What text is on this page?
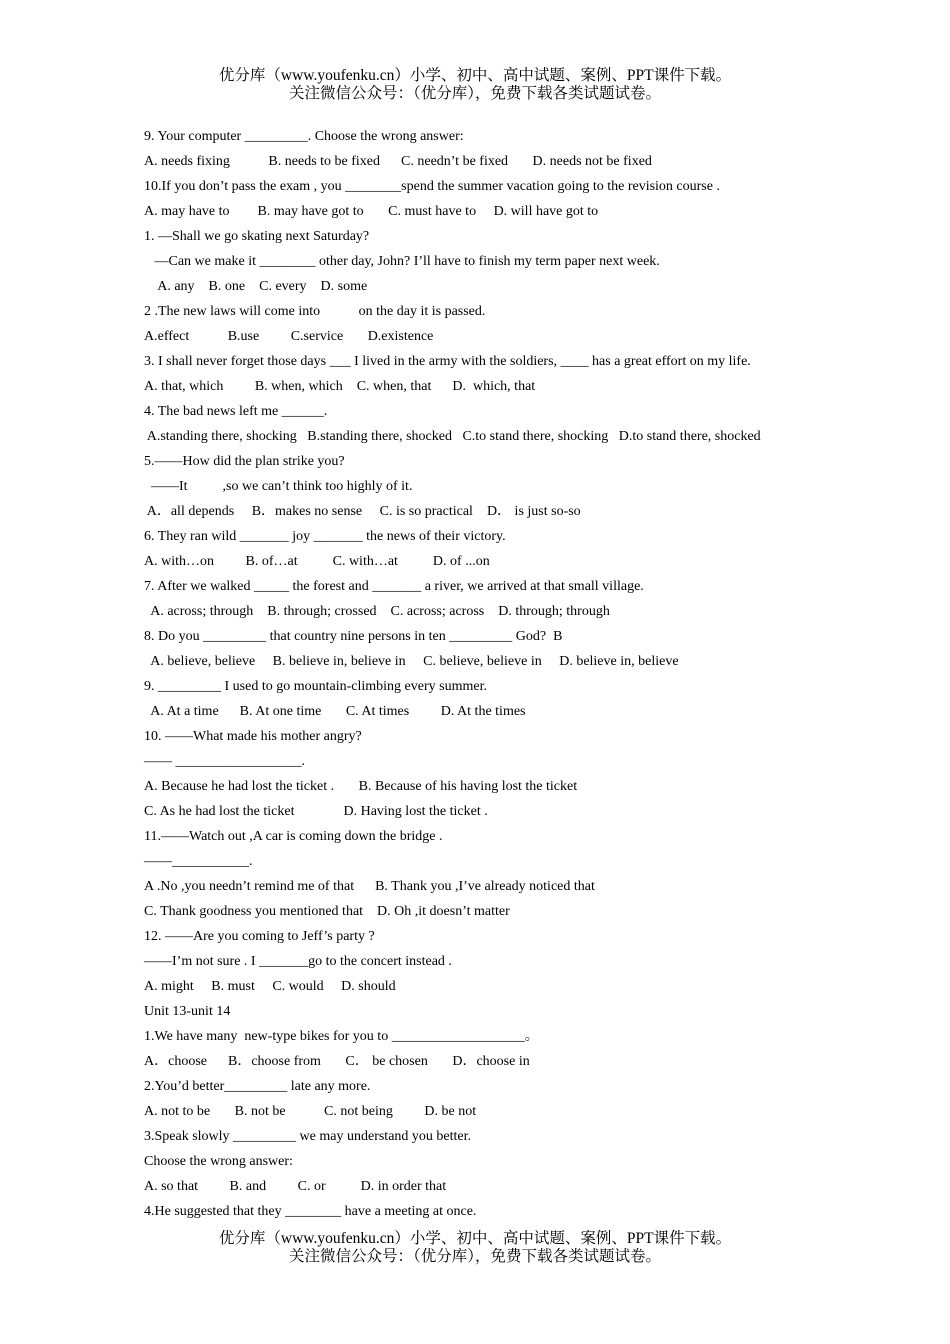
优分库（www.youfenku.cn）小学、初中、高中试题、案例、PPT课件下载。
关注微信公众号：（优分库），免费下载各类试题试卷。
9. Your computer _________. Choose the wrong answer:
A. needs fixing           B. needs to be fixed      C. needn’t be fixed       D. needs not be fixed
10.If you don’t pass the exam , you ________spend the summer vacation going to the revision course .
A. may have to        B. may have got to       C. must have to     D. will have got to
1. —Shall we go skating next Saturday?
—Can we make it ________ other day, John? I’ll have to finish my term paper next week.
A. any    B. one    C. every    D. some
2 .The new laws will come into           on the day it is passed.
A.effect           B.use         C.service       D.existence
3. I shall never forget those days ___ I lived in the army with the soldiers, ____ has a great effort on my life.
A. that, which         B. when, which    C. when, that      D.  which, that
4. The bad news left me ______.
A.standing there, shocking   B.standing there, shocked   C.to stand there, shocking   D.to stand there, shocked
5.——How did the plan strike you?
——It          ,so we can’t think too highly of it.
A．all depends     B．makes no sense     C. is so practical    D． is just so-so
6. They ran wild _______ joy _______ the news of their victory.
A. with…on         B. of…at          C. with…at          D. of ...on
7. After we walked _____ the forest and _______ a river, we arrived at that small village.
A. across; through    B. through; crossed    C. across; across    D. through; through
8. Do you _________ that country nine persons in ten _________ God?  B
A. believe, believe     B. believe in, believe in     C. believe, believe in     D. believe in, believe
9. _________ I used to go mountain-climbing every summer.
A. At a time      B. At one time       C. At times         D. At the times
10. ——What made his mother angry?
—— __________________.
A. Because he had lost the ticket .       B. Because of his having lost the ticket
C. As he had lost the ticket              D. Having lost the ticket .
11.——Watch out ,A car is coming down the bridge .
——___________.
A .No ,you needn’t remind me of that      B. Thank you ,I’ve already noticed that
C. Thank goodness you mentioned that    D. Oh ,it doesn’t matter
12. ——Are you coming to Jeff’s party ?
——I’m not sure . I _______go to the concert instead .
A. might     B. must     C. would     D. should
Unit 13-unit 14
1.We have many  new-type bikes for you to ___________________。
A．choose      B．choose from       C． be chosen       D．choose in
2.You’d better_________ late any more.
A. not to be       B. not be           C. not being         D. be not
3.Speak slowly _________ we may understand you better.
Choose the wrong answer:
A. so that         B. and         C. or          D. in order that
4.He suggested that they ________ have a meeting at once.
优分库（www.youfenku.cn）小学、初中、高中试题、案例、PPT课件下载。
关注微信公众号：（优分库），免费下载各类试题试卷。
